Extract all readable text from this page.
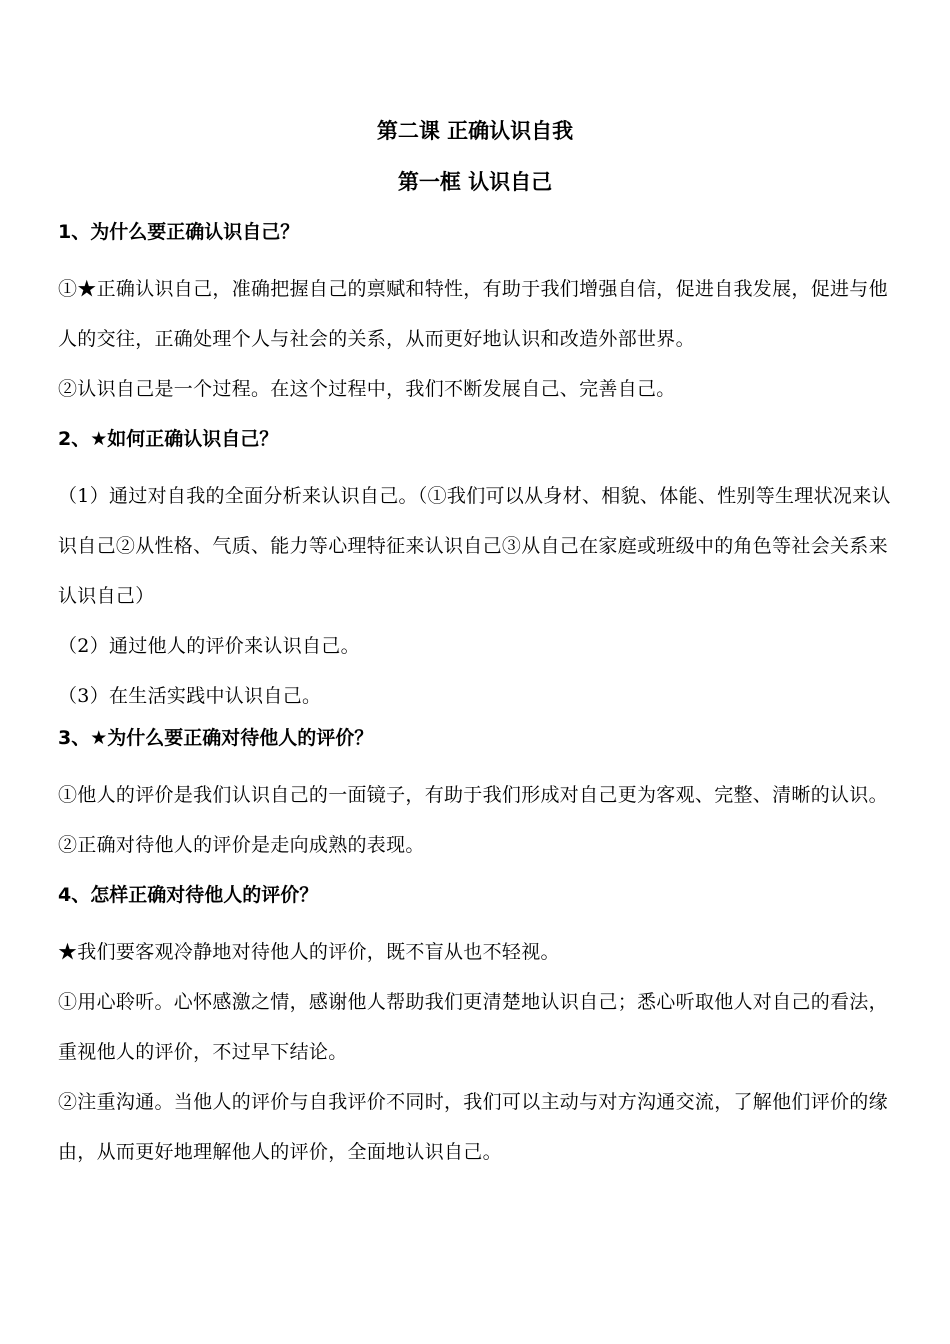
第二课 正确认识自我
第一框 认识自己
1、为什么要正确认识自己？

①★正确认识自己，准确把握自己的禀赋和特性，有助于我们增强自信，促进自我发展，促进与他人的交往，正确处理个人与社会的关系，从而更好地认识和改造外部世界。

②认识自己是一个过程。在这个过程中，我们不断发展自己、完善自己。

2、★如何正确认识自己？

（1）通过对自我的全面分析来认识自己。（①我们可以从身材、相貌、体能、性别等生理状况来认识自己②从性格、气质、能力等心理特征来认识自己③从自己在家庭或班级中的角色等社会关系来认识自己）

（2）通过他人的评价来认识自己。

（3）在生活实践中认识自己。

3、★为什么要正确对待他人的评价？

①他人的评价是我们认识自己的一面镜子，有助于我们形成对自己更为客观、完整、清晰的认识。

②正确对待他人的评价是走向成熟的表现。

4、怎样正确对待他人的评价？

★我们要客观冷静地对待他人的评价，既不盲从也不轻视。

①用心聆听。心怀感激之情，感谢他人帮助我们更清楚地认识自己；悉心听取他人对自己的看法，重视他人的评价，不过早下结论。

②注重沟通。当他人的评价与自我评价不同时，我们可以主动与对方沟通交流，了解他们评价的缘由，从而更好地理解他人的评价，全面地认识自己。
